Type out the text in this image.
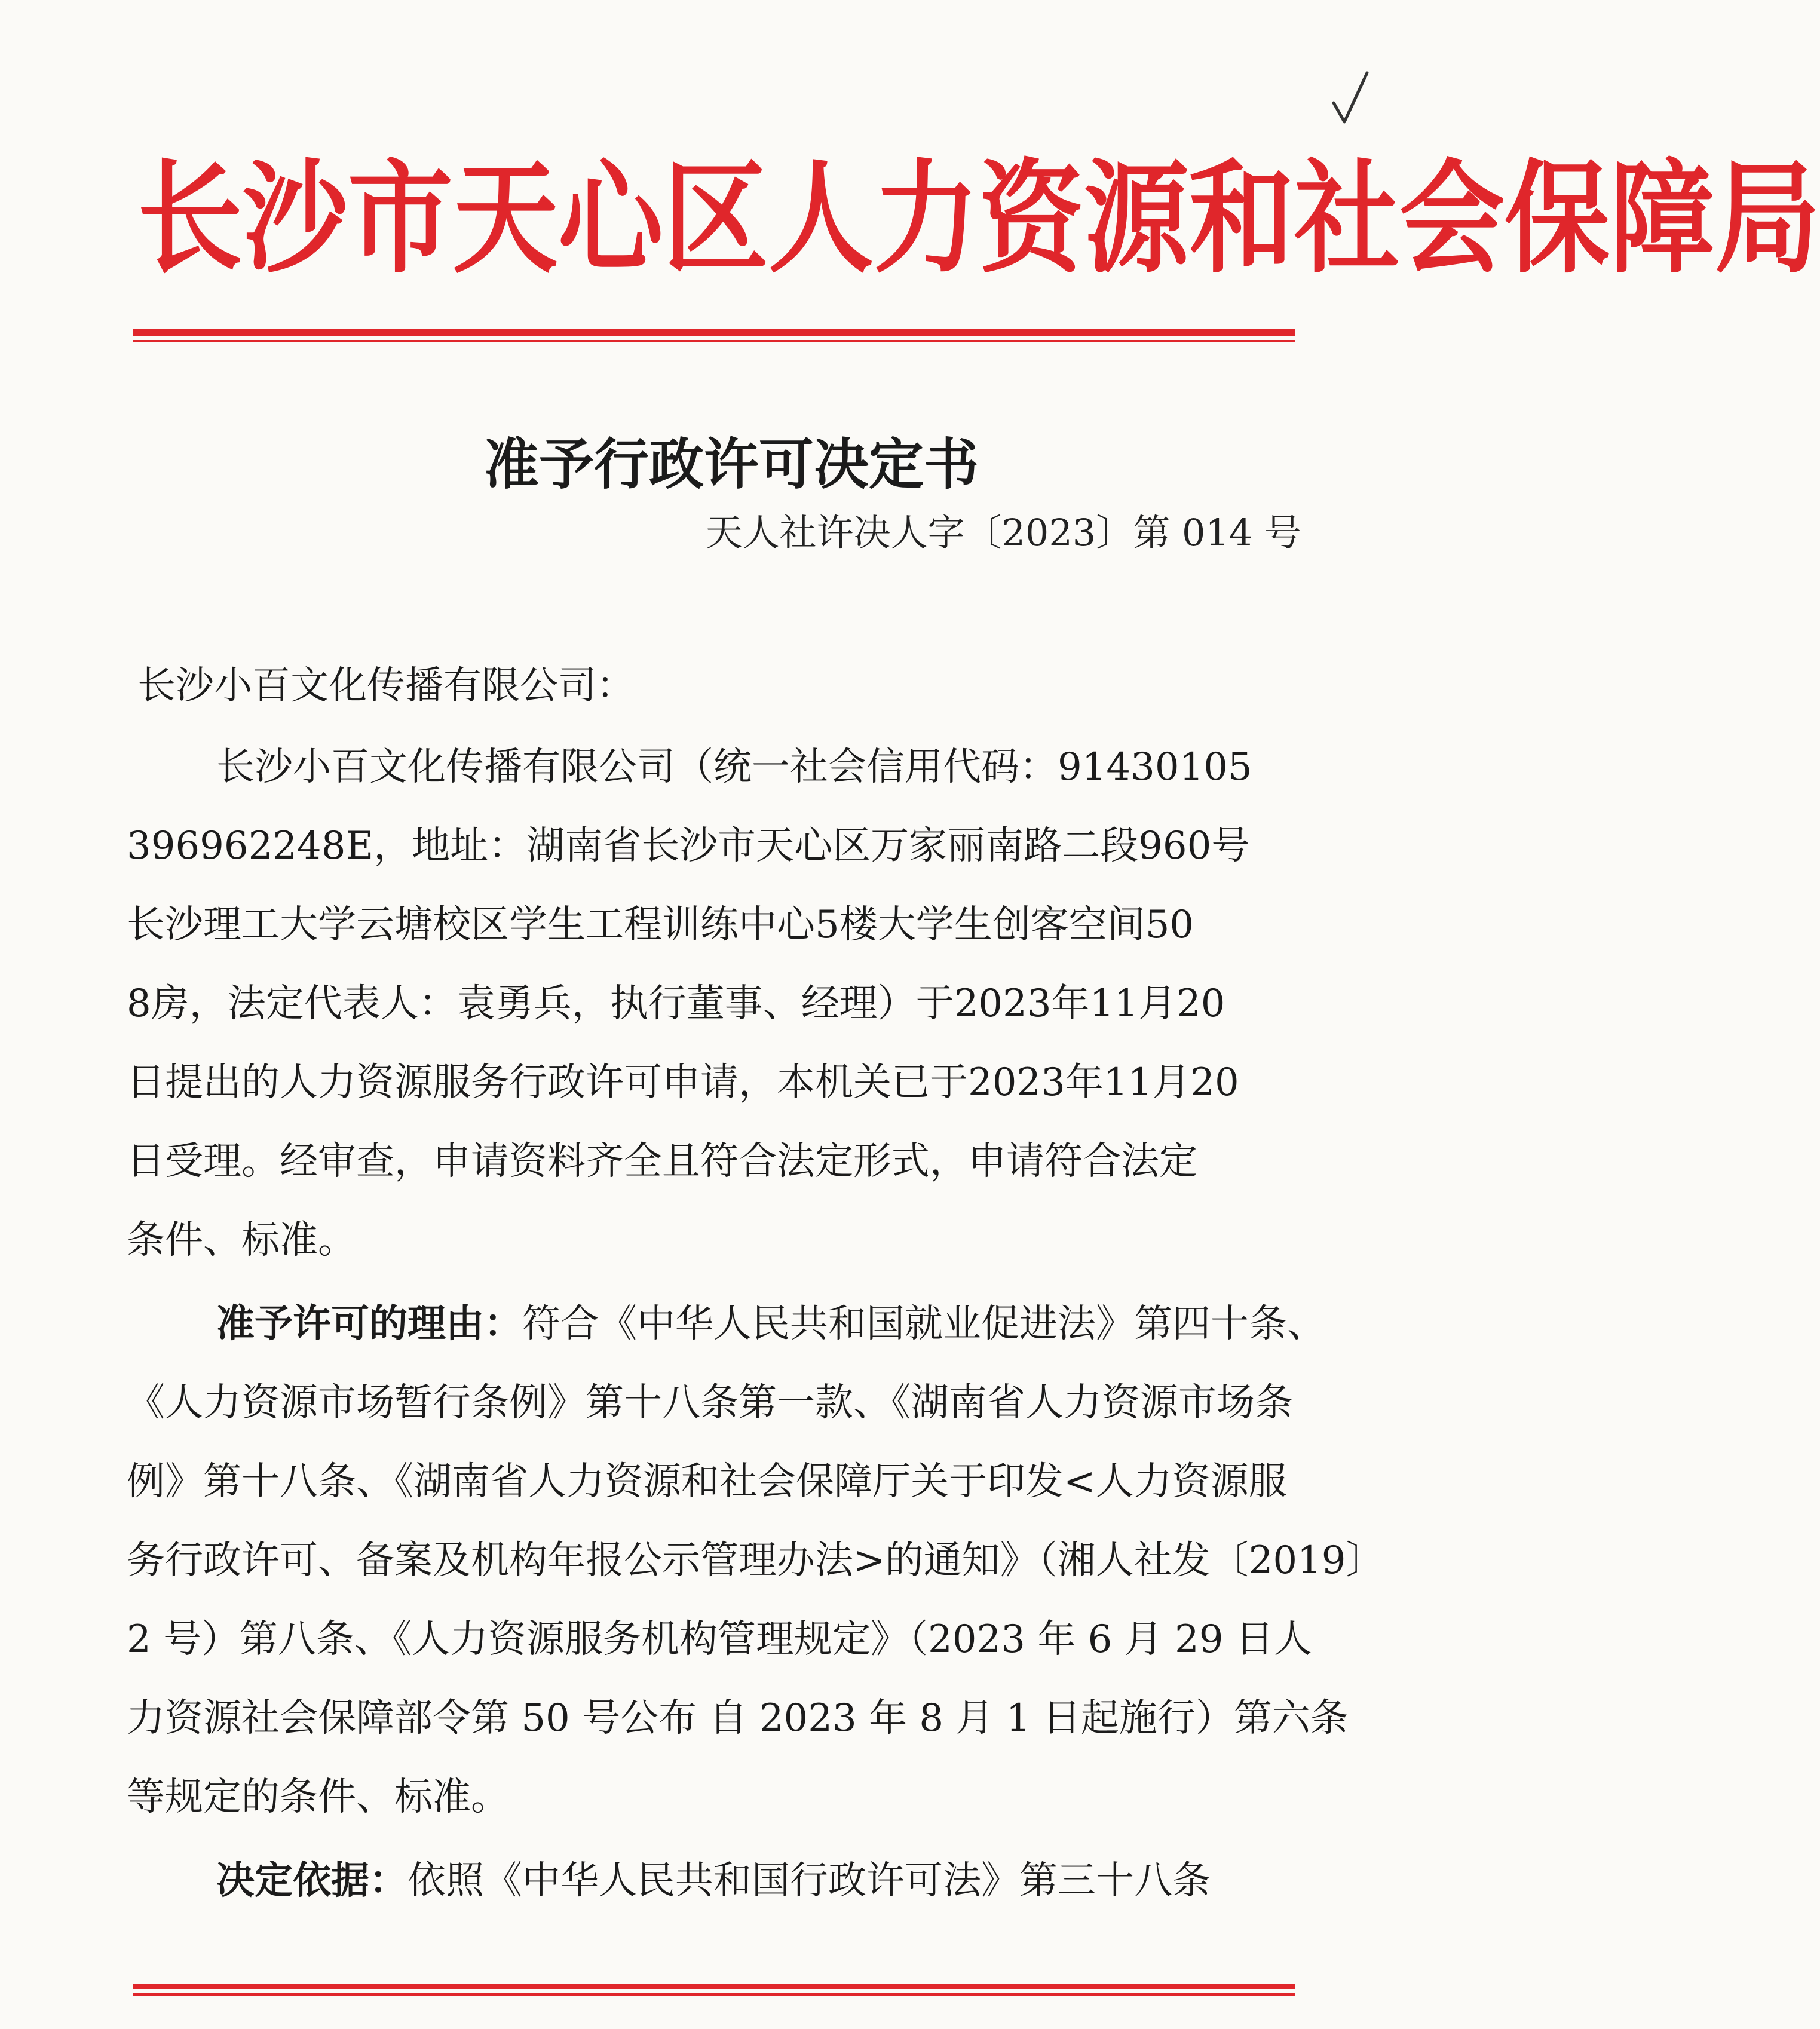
长沙市天心区人力资源和社会保障局
准予行政许可决定书

天人社许决人字〔2023〕第 014 号

长沙小百文化传播有限公司：

长沙小百文化传播有限公司（统一社会信用代码：91430105
396962248E，地址：湖南省长沙市天心区万家丽南路二段960号
长沙理工大学云塘校区学生工程训练中心5楼大学生创客空间50
8房，法定代表人：袁勇兵，执行董事、经理）于2023年11月20
日提出的人力资源服务行政许可申请，本机关已于2023年11月20
日受理。经审查，申请资料齐全且符合法定形式，申请符合法定
条件、标准。
准予许可的理由：符合《中华人民共和国就业促进法》第四十条、
《人力资源市场暂行条例》第十八条第一款、《湖南省人力资源市场条
例》第十八条、《湖南省人力资源和社会保障厅关于印发<人力资源服
务行政许可、备案及机构年报公示管理办法>的通知》（湘人社发〔2019〕
2 号）第八条、《人力资源服务机构管理规定》（2023 年 6 月 29 日人
力资源社会保障部令第 50 号公布 自 2023 年 8 月 1 日起施行）第六条
等规定的条件、标准。
决定依据：依照《中华人民共和国行政许可法》第三十八条
